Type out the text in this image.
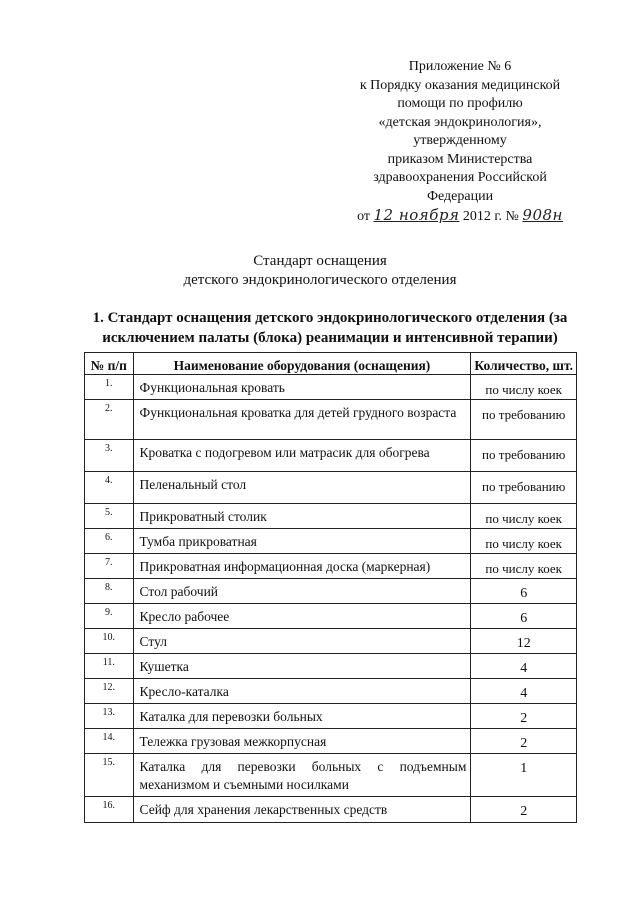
Приложение № 6
к Порядку оказания медицинской
помощи по профилю
«детская эндокринология»,
утвержденному
приказом Министерства
здравоохранения Российской
Федерации
от 12 ноября 2012 г. № 908н
Стандарт оснащения
детского эндокринологического отделения
1. Стандарт оснащения детского эндокринологического отделения (за исключением палаты (блока) реанимации и интенсивной терапии)
№ п/п	Наименование оборудования (оснащения)	Количество, шт.
1.	Функциональная кровать	по числу коек
2.	Функциональная кроватка для детей грудного возраста	по требованию
3.	Кроватка с подогревом или матрасик для обогрева	по требованию
4.	Пеленальный стол	по требованию
5.	Прикроватный столик	по числу коек
6.	Тумба прикроватная	по числу коек
7.	Прикроватная информационная доска (маркерная)	по числу коек
8.	Стол рабочий	6
9.	Кресло рабочее	6
10.	Стул	12
11.	Кушетка	4
12.	Кресло-каталка	4
13.	Каталка для перевозки больных	2
14.	Тележка грузовая межкорпусная	2
15.	Каталка для перевозки больных с подъемным механизмом и съемными носилками	1
16.	Сейф для хранения лекарственных средств	2
